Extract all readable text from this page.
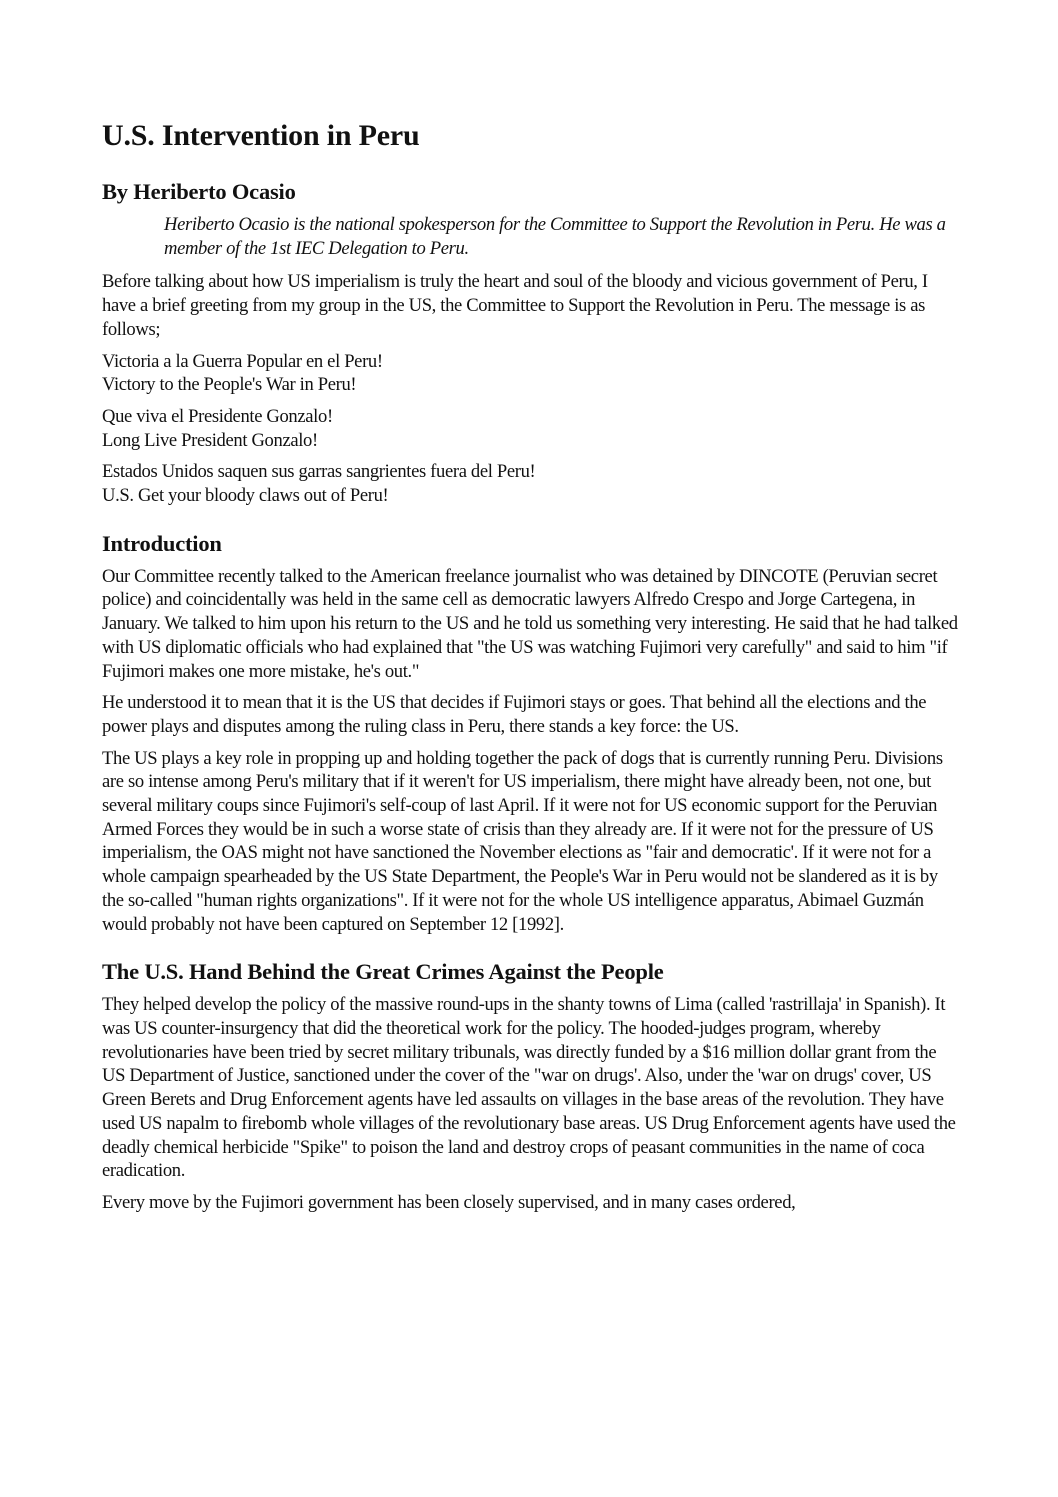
U.S. Intervention in Peru
By Heriberto Ocasio

Heriberto Ocasio is the national spokesperson for the Committee to Support the Revolution in Peru. He was a member of the 1st IEC Delegation to Peru.

Before talking about how US imperialism is truly the heart and soul of the bloody and vicious government of Peru, I have a brief greeting from my group in the US, the Committee to Support the Revolution in Peru. The message is as follows;

Victoria a la Guerra Popular en el Peru!
Victory to the People's War in Peru!

Que viva el Presidente Gonzalo!
Long Live President Gonzalo!

Estados Unidos saquen sus garras sangrientes fuera del Peru!
U.S. Get your bloody claws out of Peru!

Introduction

Our Committee recently talked to the American freelance journalist who was detained by DINCOTE (Peruvian secret police) and coincidentally was held in the same cell as democratic lawyers Alfredo Crespo and Jorge Cartegena, in January. We talked to him upon his return to the US and he told us something very interesting. He said that he had talked with US diplomatic officials who had explained that "the US was watching Fujimori very carefully" and said to him "if Fujimori makes one more mistake, he's out."

He understood it to mean that it is the US that decides if Fujimori stays or goes. That behind all the elections and the power plays and disputes among the ruling class in Peru, there stands a key force: the US.

The US plays a key role in propping up and holding together the pack of dogs that is currently running Peru. Divisions are so intense among Peru's military that if it weren't for US imperialism, there might have already been, not one, but several military coups since Fujimori's self-coup of last April. If it were not for US economic support for the Peruvian Armed Forces they would be in such a worse state of crisis than they already are. If it were not for the pressure of US imperialism, the OAS might not have sanctioned the November elections as "fair and democratic'. If it were not for a whole campaign spearheaded by the US State Department, the People's War in Peru would not be slandered as it is by the so-called "human rights organizations". If it were not for the whole US intelligence apparatus, Abimael Guzmán would probably not have been captured on September 12 [1992].

The U.S. Hand Behind the Great Crimes Against the People

They helped develop the policy of the massive round-ups in the shanty towns of Lima (called 'rastrillaja' in Spanish). It was US counter-insurgency that did the theoretical work for the policy. The hooded-judges program, whereby revolutionaries have been tried by secret military tribunals, was directly funded by a $16 million dollar grant from the US Department of Justice, sanctioned under the cover of the "war on drugs'. Also, under the 'war on drugs' cover, US Green Berets and Drug Enforcement agents have led assaults on villages in the base areas of the revolution. They have used US napalm to firebomb whole villages of the revolutionary base areas. US Drug Enforcement agents have used the deadly chemical herbicide "Spike" to poison the land and destroy crops of peasant communities in the name of coca eradication.

Every move by the Fujimori government has been closely supervised, and in many cases ordered,
